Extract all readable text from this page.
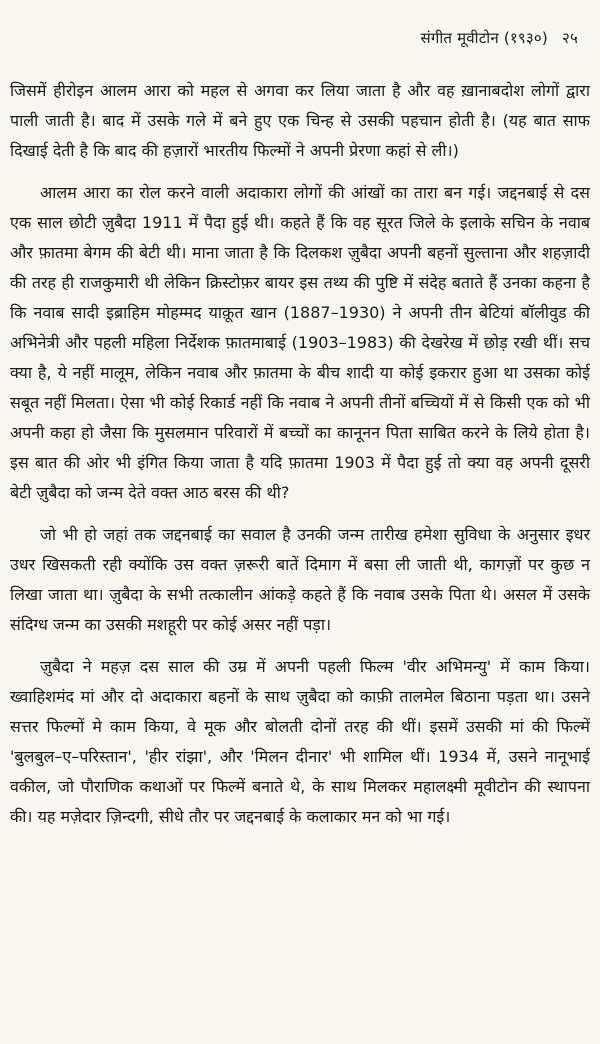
संगीत मूवीटोन (१९३०) २५

जिसमें हीरोइन आलम आरा को महल से अगवा कर लिया जाता है और वह ख़ानाबदोश लोगों द्वारा पाली जाती है। बाद में उसके गले में बने हुए एक चिन्ह से उसकी पहचान होती है। (यह बात साफ दिखाई देती है कि बाद की हज़ारों भारतीय फिल्मों ने अपनी प्रेरणा कहां से ली।)

आलम आरा का रोल करने वाली अदाकारा लोगों की आंखों का तारा बन गई। जद्दनबाई से दस एक साल छोटी ज़ुबैदा 1911 में पैदा हुई थी। कहते हैं कि वह सूरत जिले के इलाके सचिन के नवाब और फ़ातमा बेगम की बेटी थी। माना जाता है कि दिलकश ज़ुबैदा अपनी बहनों सुल्ताना और शहज़ादी की तरह ही राजकुमारी थी लेकिन क्रिस्टोफ़र बायर इस तथ्य की पुष्टि में संदेह बताते हैं उनका कहना है कि नवाब सादी इब्राहिम मोहम्मद याक़ूत खान (1887–1930) ने अपनी तीन बेटियां बॉलीवुड की अभिनेत्री और पहली महिला निर्देशक फ़ातमाबाई (1903–1983) की देखरेख में छोड़ रखी थीं। सच क्या है, ये नहीं मालूम, लेकिन नवाब और फ़ातमा के बीच शादी या कोई इकरार हुआ था उसका कोई सबूत नहीं मिलता। ऐसा भी कोई रिकार्ड नहीं कि नवाब ने अपनी तीनों बच्चियों में से किसी एक को भी अपनी कहा हो जैसा कि मुसलमान परिवारों में बच्चों का कानूनन पिता साबित करने के लिये होता है। इस बात की ओर भी इंगित किया जाता है यदि फ़ातमा 1903 में पैदा हुई तो क्या वह अपनी दूसरी बेटी ज़ुबैदा को जन्म देते वक्त आठ बरस की थी?

जो भी हो जहां तक जद्दनबाई का सवाल है उनकी जन्म तारीख हमेशा सुविधा के अनुसार इधर उधर खिसकती रही क्योंकि उस वक्त ज़रूरी बातें दिमाग में बसा ली जाती थी, कागज़ों पर कुछ न लिखा जाता था। ज़ुबैदा के सभी तत्कालीन आंकड़े कहते हैं कि नवाब उसके पिता थे। असल में उसके संदिग्ध जन्म का उसकी मशहूरी पर कोई असर नहीं पड़ा।

ज़ुबैदा ने महज़ दस साल की उम्र में अपनी पहली फिल्म 'वीर अभिमन्यु' में काम किया। ख्वाहिशमंद मां और दो अदाकारा बहनों के साथ ज़ुबैदा को काफ़ी तालमेल बिठाना पड़ता था। उसने सत्तर फिल्मों मे काम किया, वे मूक और बोलती दोनों तरह की थीं। इसमें उसकी मां की फिल्में 'बुलबुल–ए–परिस्तान', 'हीर रांझा', और 'मिलन दीनार' भी शामिल थीं। 1934 में, उसने नानूभाई वकील, जो पौराणिक कथाओं पर फिल्में बनाते थे, के साथ मिलकर महालक्ष्मी मूवीटोन की स्थापना की। यह मज़ेदार ज़िन्दगी, सीधे तौर पर जद्दनबाई के कलाकार मन को भा गई।
